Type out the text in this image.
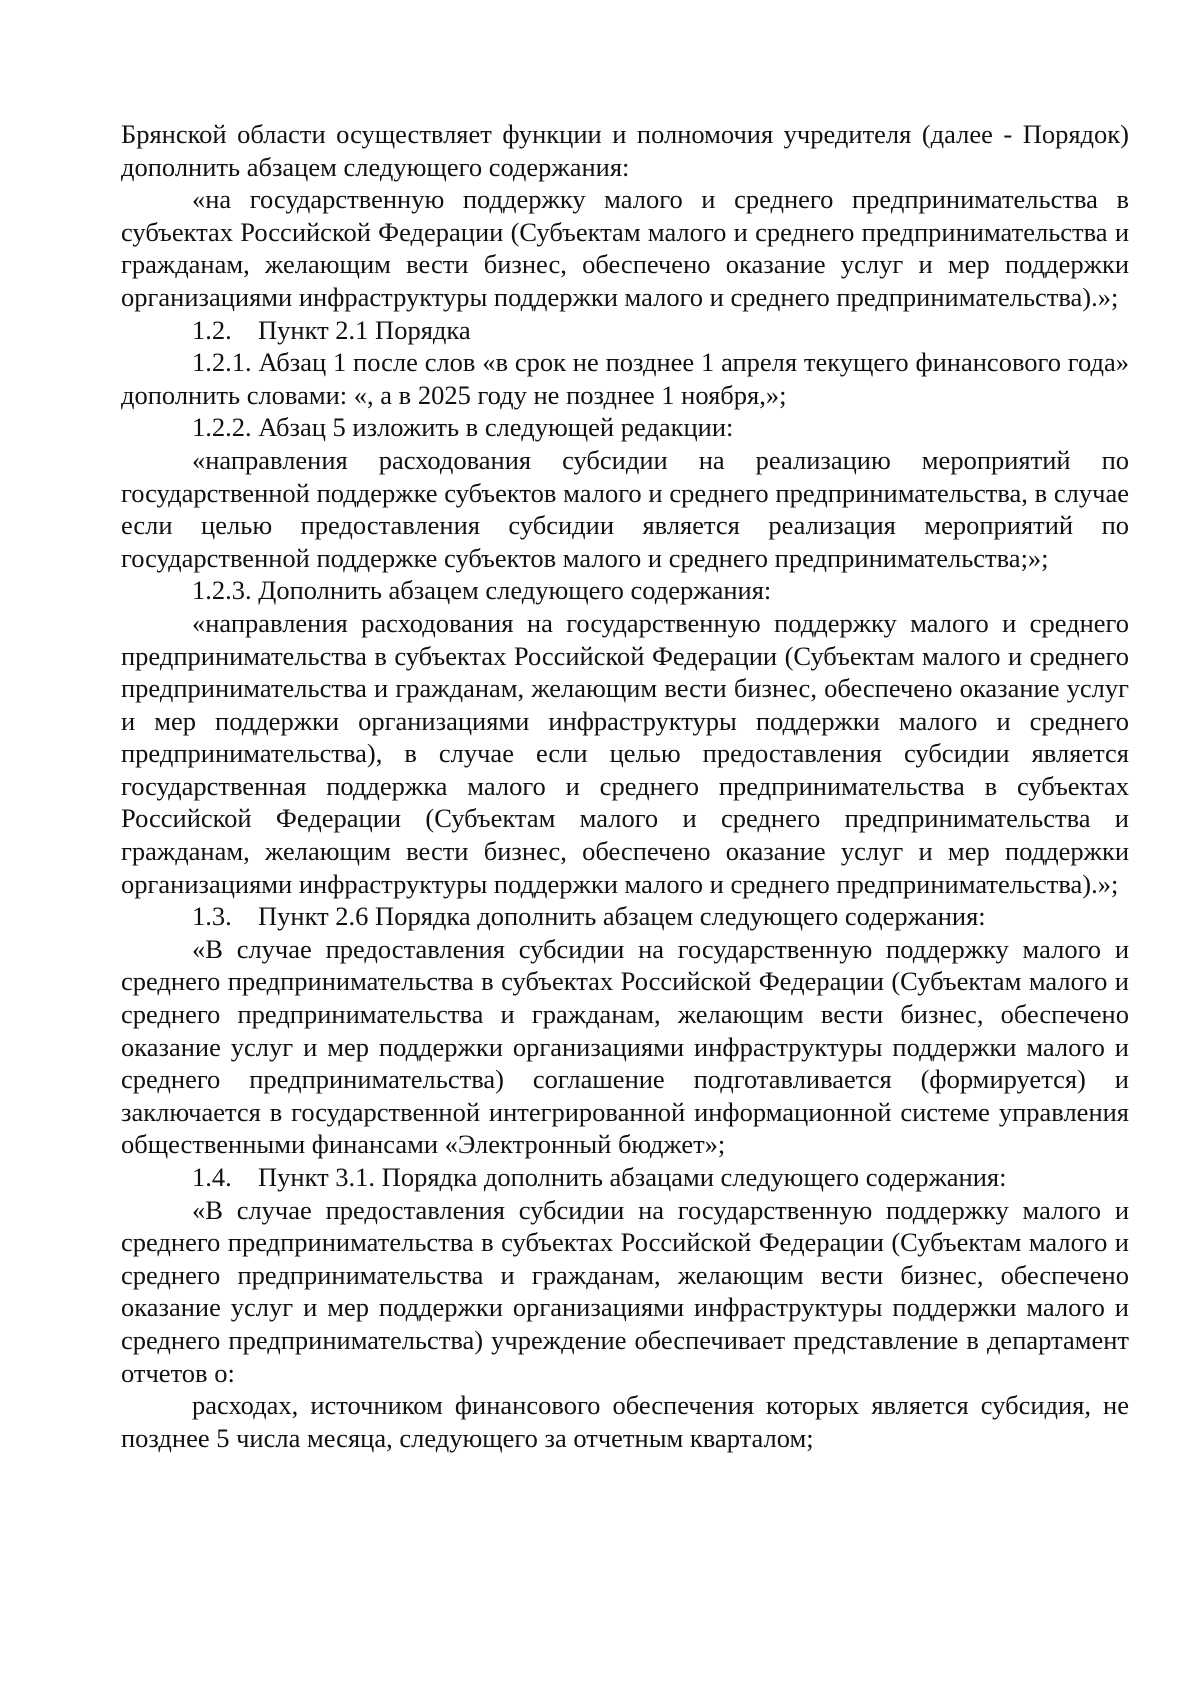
Брянской области осуществляет функции и полномочия учредителя (далее - Порядок) дополнить абзацем следующего содержания:

«на государственную поддержку малого и среднего предпринимательства в субъектах Российской Федерации (Субъектам малого и среднего предпринимательства и гражданам, желающим вести бизнес, обеспечено оказание услуг и мер поддержки организациями инфраструктуры поддержки малого и среднего предпринимательства).»;

1.2. Пункт 2.1 Порядка

1.2.1. Абзац 1 после слов «в срок не позднее 1 апреля текущего финансового года» дополнить словами: «, а в 2025 году не позднее 1 ноября,»;

1.2.2. Абзац 5 изложить в следующей редакции:

«направления расходования субсидии на реализацию мероприятий по государственной поддержке субъектов малого и среднего предпринимательства, в случае если целью предоставления субсидии является реализация мероприятий по государственной поддержке субъектов малого и среднего предпринимательства;»;

1.2.3. Дополнить абзацем следующего содержания:

«направления расходования на государственную поддержку малого и среднего предпринимательства в субъектах Российской Федерации (Субъектам малого и среднего предпринимательства и гражданам, желающим вести бизнес, обеспечено оказание услуг и мер поддержки организациями инфраструктуры поддержки малого и среднего предпринимательства), в случае если целью предоставления субсидии является государственная поддержка малого и среднего предпринимательства в субъектах Российской Федерации (Субъектам малого и среднего предпринимательства и гражданам, желающим вести бизнес, обеспечено оказание услуг и мер поддержки организациями инфраструктуры поддержки малого и среднего предпринимательства).»;

1.3. Пункт 2.6 Порядка дополнить абзацем следующего содержания:

«В случае предоставления субсидии на государственную поддержку малого и среднего предпринимательства в субъектах Российской Федерации (Субъектам малого и среднего предпринимательства и гражданам, желающим вести бизнес, обеспечено оказание услуг и мер поддержки организациями инфраструктуры поддержки малого и среднего предпринимательства) соглашение подготавливается (формируется) и заключается в государственной интегрированной информационной системе управления общественными финансами «Электронный бюджет»;

1.4. Пункт 3.1. Порядка дополнить абзацами следующего содержания:

«В случае предоставления субсидии на государственную поддержку малого и среднего предпринимательства в субъектах Российской Федерации (Субъектам малого и среднего предпринимательства и гражданам, желающим вести бизнес, обеспечено оказание услуг и мер поддержки организациями инфраструктуры поддержки малого и среднего предпринимательства) учреждение обеспечивает представление в департамент отчетов о:

расходах, источником финансового обеспечения которых является субсидия, не позднее 5 числа месяца, следующего за отчетным кварталом;
